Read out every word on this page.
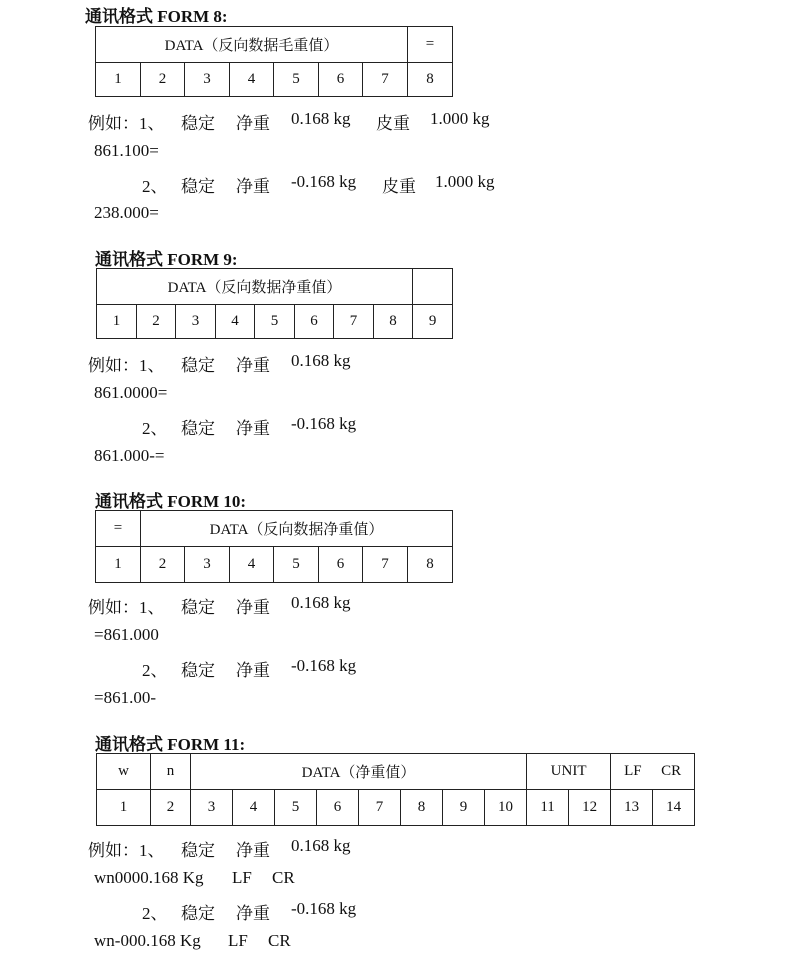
通讯格式 FORM 8:
DATA（反向数据毛重值）							=
1	2	3	4	5	6	7	8
例如：1、 稳定 净重 0.168 kg 皮重 1.000 kg
861.100=
2、 稳定 净重 -0.168 kg 皮重 1.000 kg
238.000=
通讯格式 FORM 9:
DATA（反向数据净重值）								
1	2	3	4	5	6	7	8	9
例如：1、 稳定 净重 0.168 kg
861.0000=
2、 稳定 净重 -0.168 kg
861.000-=
通讯格式 FORM 10:
=	DATA（反向数据净重值）						
1	2	3	4	5	6	7	8
例如：1、 稳定 净重 0.168 kg
=861.000
2、 稳定 净重 -0.168 kg
=861.00-
通讯格式 FORM 11:
w	n	DATA（净重值）								UNIT		LF CR	
1	2	3	4	5	6	7	8	9	10	11	12	13	14
例如：1、 稳定 净重 0.168 kg
wn0000.168 Kg LF CR
2、 稳定 净重 -0.168 kg
wn-000.168 Kg LF CR
